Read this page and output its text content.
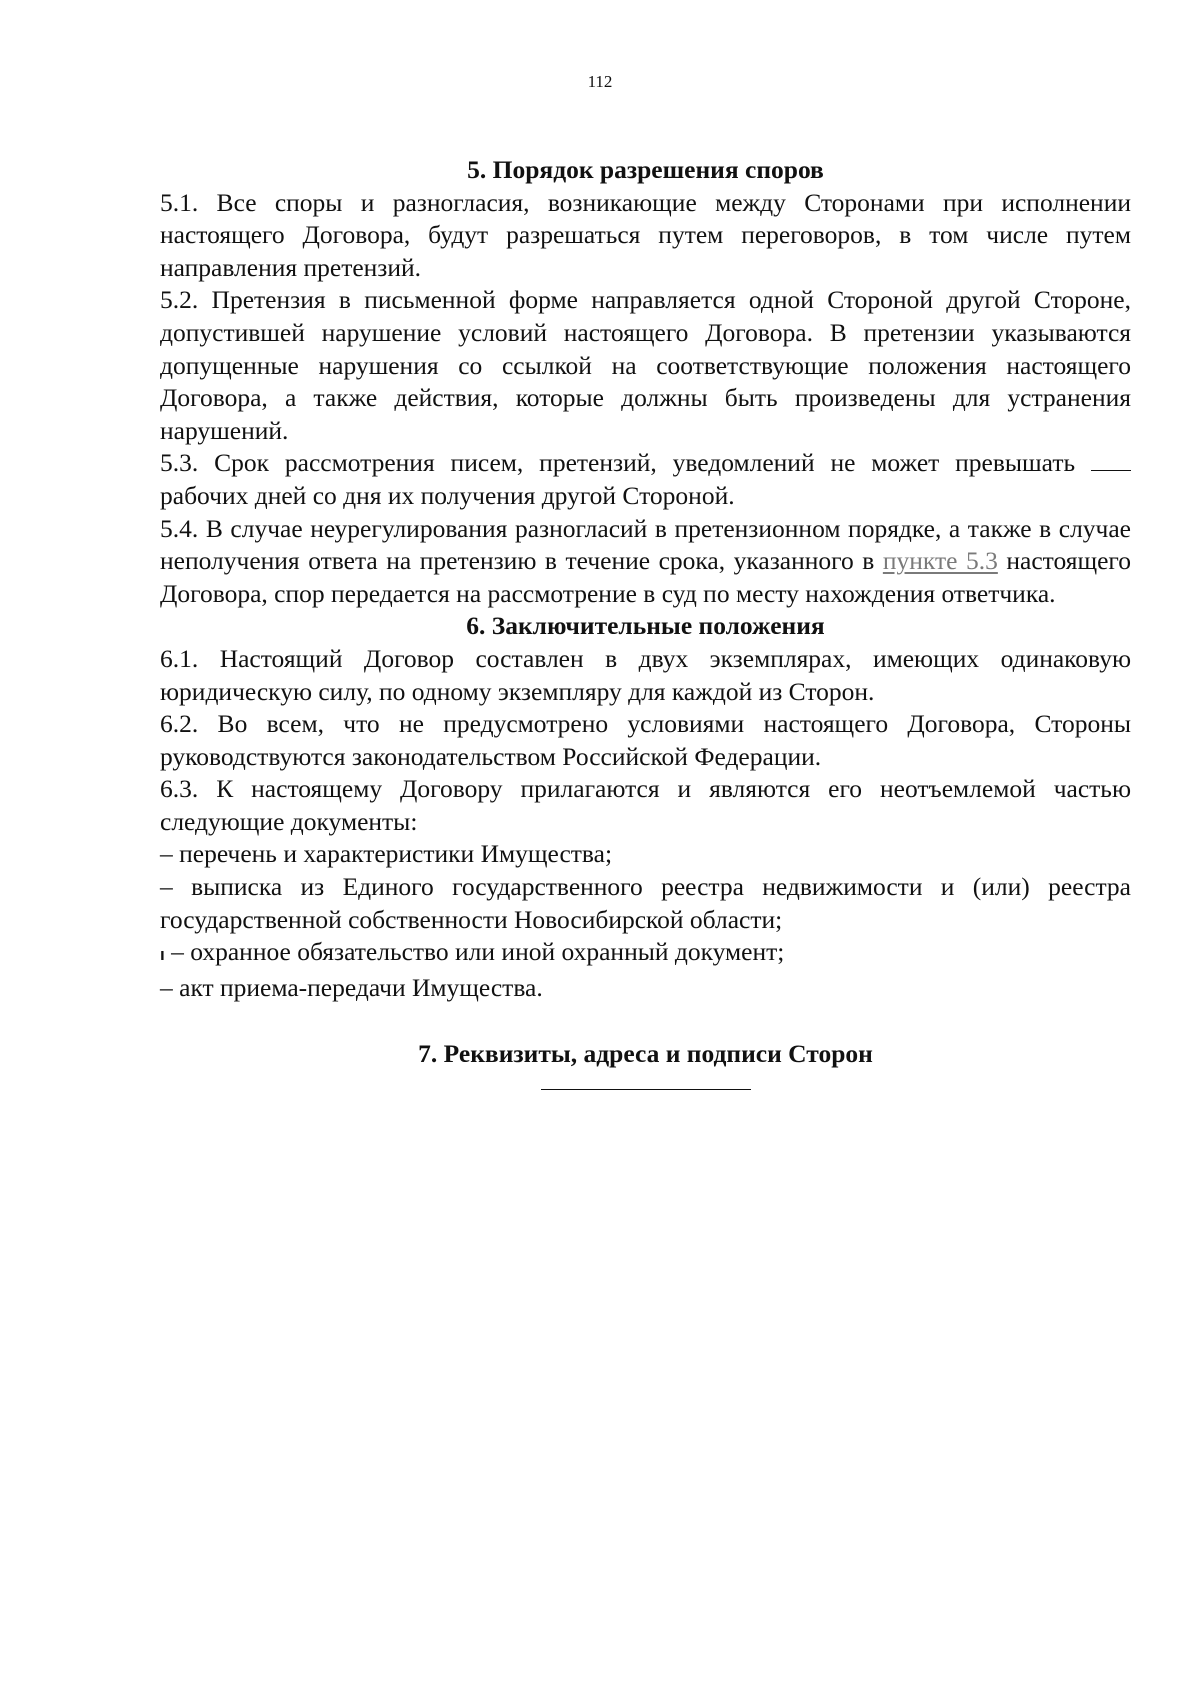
112

5. Порядок разрешения споров

5.1. Все споры и разногласия, возникающие между Сторонами при исполнении настоящего Договора, будут разрешаться путем переговоров, в том числе путем направления претензий.

5.2. Претензия в письменной форме направляется одной Стороной другой Стороне, допустившей нарушение условий настоящего Договора. В претензии указываются допущенные нарушения со ссылкой на соответствующие положения настоящего Договора, а также действия, которые должны быть произведены для устранения нарушений.

5.3. Срок рассмотрения писем, претензий, уведомлений не может превышать  рабочих дней со дня их получения другой Стороной.

5.4. В случае неурегулирования разногласий в претензионном порядке, а также в случае неполучения ответа на претензию в течение срока, указанного в пункте 5.3 настоящего Договора, спор передается на рассмотрение в суд по месту нахождения ответчика.

6. Заключительные положения

6.1. Настоящий Договор составлен в двух экземплярах, имеющих одинаковую юридическую силу, по одному экземпляру для каждой из Сторон.

6.2. Во всем, что не предусмотрено условиями настоящего Договора, Стороны руководствуются законодательством Российской Федерации.

6.3. К настоящему Договору прилагаются и являются его неотъемлемой частью следующие документы:

– перечень и характеристики Имущества;

– выписка из Единого государственного реестра недвижимости и (или) реестра государственной собственности Новосибирской области;

ı – охранное обязательство или иной охранный документ;

– акт приема-передачи Имущества.

7. Реквизиты, адреса и подписи Сторон
